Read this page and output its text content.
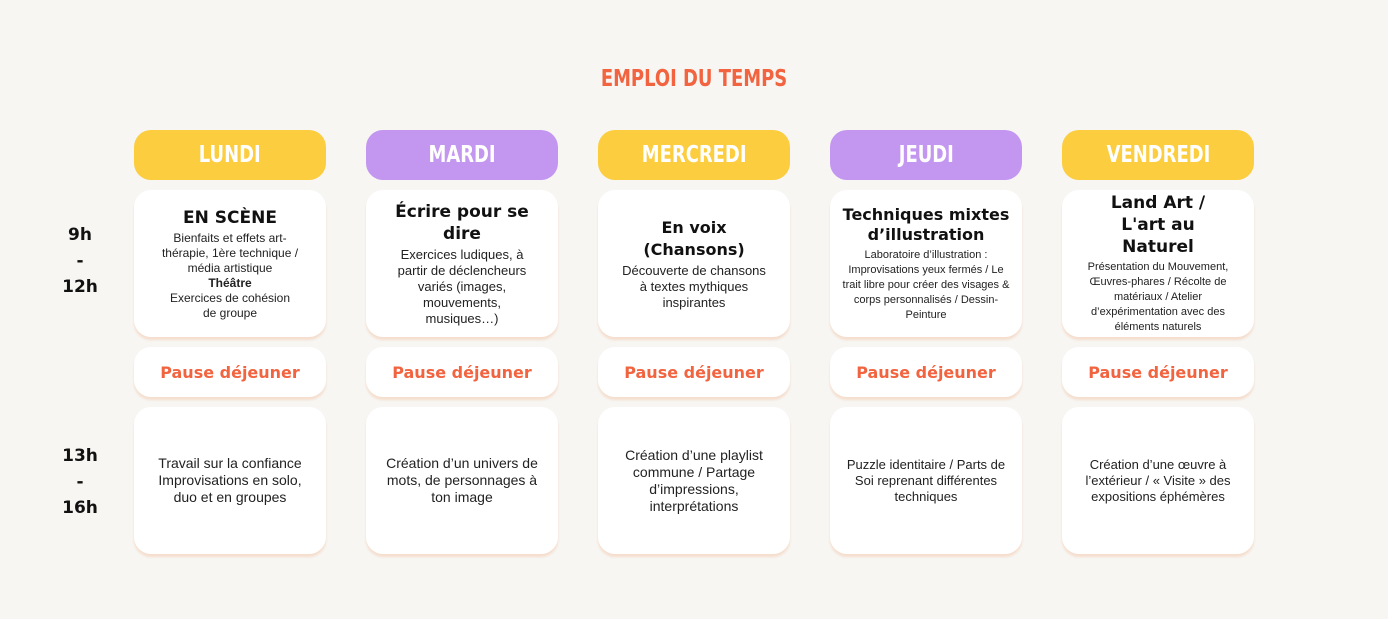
EMPLOI DU TEMPS
9h
-
12h
13h
-
16h
LUNDI
EN SCÈNE
Bienfaits et effets art-thérapie, 1ère technique / média artistique
Théâtre
Exercices de cohésion de groupe
Pause déjeuner
Travail sur la confiance Improvisations en solo, duo et en groupes
MARDI
Écrire pour se dire
Exercices ludiques, à partir de déclencheurs variés (images, mouvements, musiques…)
Pause déjeuner
Création d’un univers de mots, de personnages à ton image
MERCREDI
En voix (Chansons)
Découverte de chansons à textes mythiques inspirantes
Pause déjeuner
Création d’une playlist commune / Partage d’impressions, interprétations
JEUDI
Techniques mixtes d’illustration
Laboratoire d’illustration : Improvisations yeux fermés / Le trait libre pour créer des visages & corps personnalisés / Dessin-Peinture
Pause déjeuner
Puzzle identitaire / Parts de Soi reprenant différentes techniques
VENDREDI
Land Art / L'art au Naturel
Présentation du Mouvement, Œuvres-phares / Récolte de matériaux / Atelier d’expérimentation avec des éléments naturels
Pause déjeuner
Création d’une œuvre à l’extérieur / « Visite » des expositions éphémères
